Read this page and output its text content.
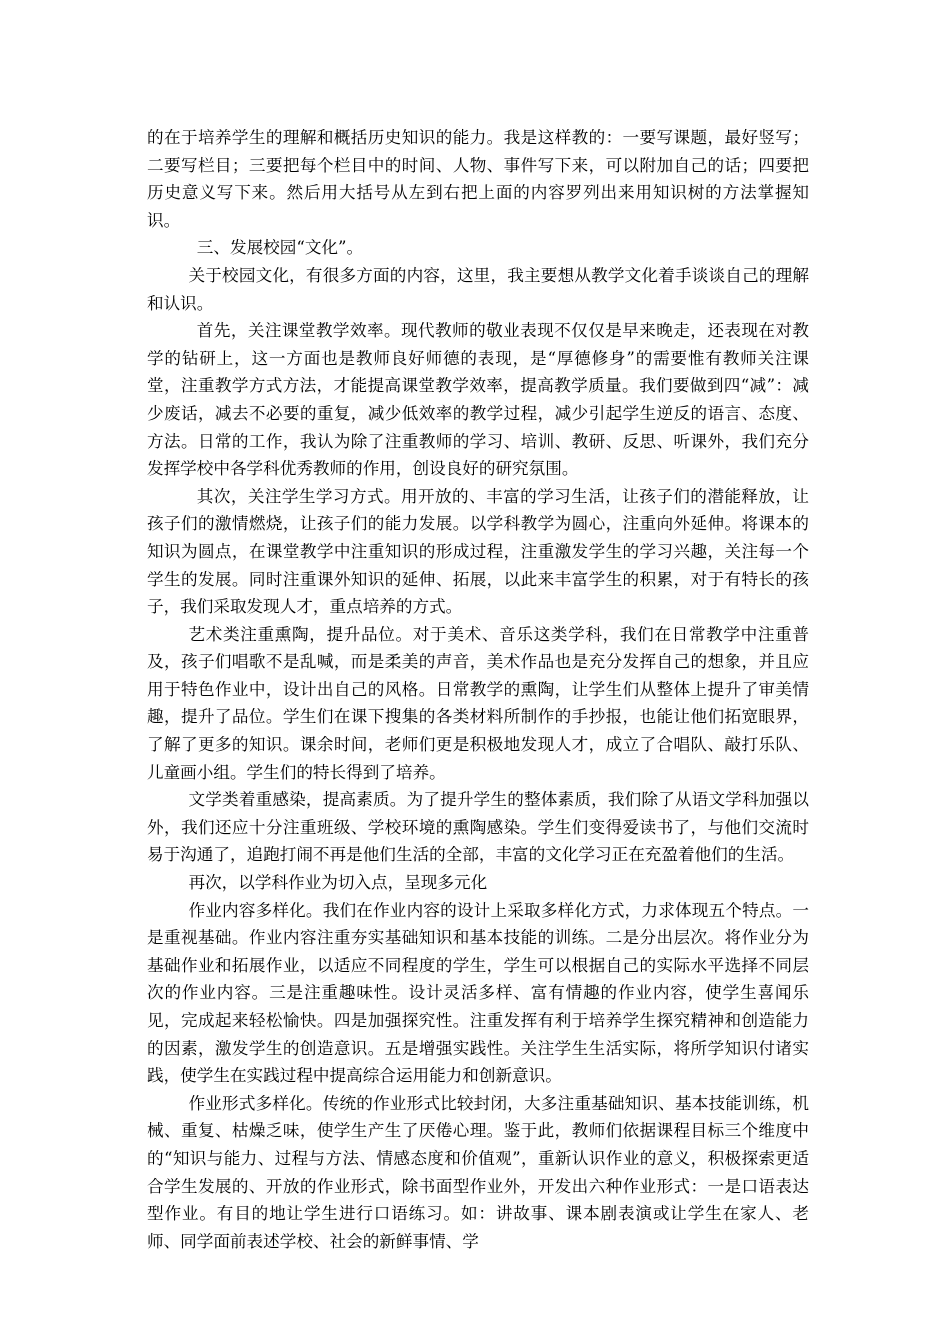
的在于培养学生的理解和概括历史知识的能力。我是这样教的：一要写课题，最好竖写；二要写栏目；三要把每个栏目中的时间、人物、事件写下来，可以附加自己的话；四要把历史意义写下来。然后用大括号从左到右把上面的内容罗列出来用知识树的方法掌握知识。

三、发展校园“文化”。

关于校园文化，有很多方面的内容，这里，我主要想从教学文化着手谈谈自己的理解和认识。

首先，关注课堂教学效率。现代教师的敬业表现不仅仅是早来晚走，还表现在对教学的钻研上，这一方面也是教师良好师德的表现，是“厚德修身”的需要惟有教师关注课堂，注重教学方式方法，才能提高课堂教学效率，提高教学质量。我们要做到四“减”：减少废话，减去不必要的重复，减少低效率的教学过程，减少引起学生逆反的语言、态度、方法。日常的工作，我认为除了注重教师的学习、培训、教研、反思、听课外，我们充分发挥学校中各学科优秀教师的作用，创设良好的研究氛围。

其次，关注学生学习方式。用开放的、丰富的学习生活，让孩子们的潜能释放，让孩子们的激情燃烧，让孩子们的能力发展。以学科教学为圆心，注重向外延伸。将课本的知识为圆点，在课堂教学中注重知识的形成过程，注重激发学生的学习兴趣，关注每一个学生的发展。同时注重课外知识的延伸、拓展，以此来丰富学生的积累，对于有特长的孩子，我们采取发现人才，重点培养的方式。

艺术类注重熏陶，提升品位。对于美术、音乐这类学科，我们在日常教学中注重普及，孩子们唱歌不是乱喊，而是柔美的声音，美术作品也是充分发挥自己的想象，并且应用于特色作业中，设计出自己的风格。日常教学的熏陶，让学生们从整体上提升了审美情趣，提升了品位。学生们在课下搜集的各类材料所制作的手抄报，也能让他们拓宽眼界，了解了更多的知识。课余时间，老师们更是积极地发现人才，成立了合唱队、敲打乐队、儿童画小组。学生们的特长得到了培养。

文学类着重感染，提高素质。为了提升学生的整体素质，我们除了从语文学科加强以外，我们还应十分注重班级、学校环境的熏陶感染。学生们变得爱读书了，与他们交流时易于沟通了，追跑打闹不再是他们生活的全部，丰富的文化学习正在充盈着他们的生活。

再次，以学科作业为切入点，呈现多元化

作业内容多样化。我们在作业内容的设计上采取多样化方式，力求体现五个特点。一是重视基础。作业内容注重夯实基础知识和基本技能的训练。二是分出层次。将作业分为基础作业和拓展作业，以适应不同程度的学生，学生可以根据自己的实际水平选择不同层次的作业内容。三是注重趣味性。设计灵活多样、富有情趣的作业内容，使学生喜闻乐见，完成起来轻松愉快。四是加强探究性。注重发挥有利于培养学生探究精神和创造能力的因素，激发学生的创造意识。五是增强实践性。关注学生生活实际，将所学知识付诸实践，使学生在实践过程中提高综合运用能力和创新意识。

作业形式多样化。传统的作业形式比较封闭，大多注重基础知识、基本技能训练，机械、重复、枯燥乏味，使学生产生了厌倦心理。鉴于此，教师们依据课程目标三个维度中的“知识与能力、过程与方法、情感态度和价值观”，重新认识作业的意义，积极探索更适合学生发展的、开放的作业形式，除书面型作业外，开发出六种作业形式：一是口语表达型作业。有目的地让学生进行口语练习。如：讲故事、课本剧表演或让学生在家人、老师、同学面前表述学校、社会的新鲜事情、学
